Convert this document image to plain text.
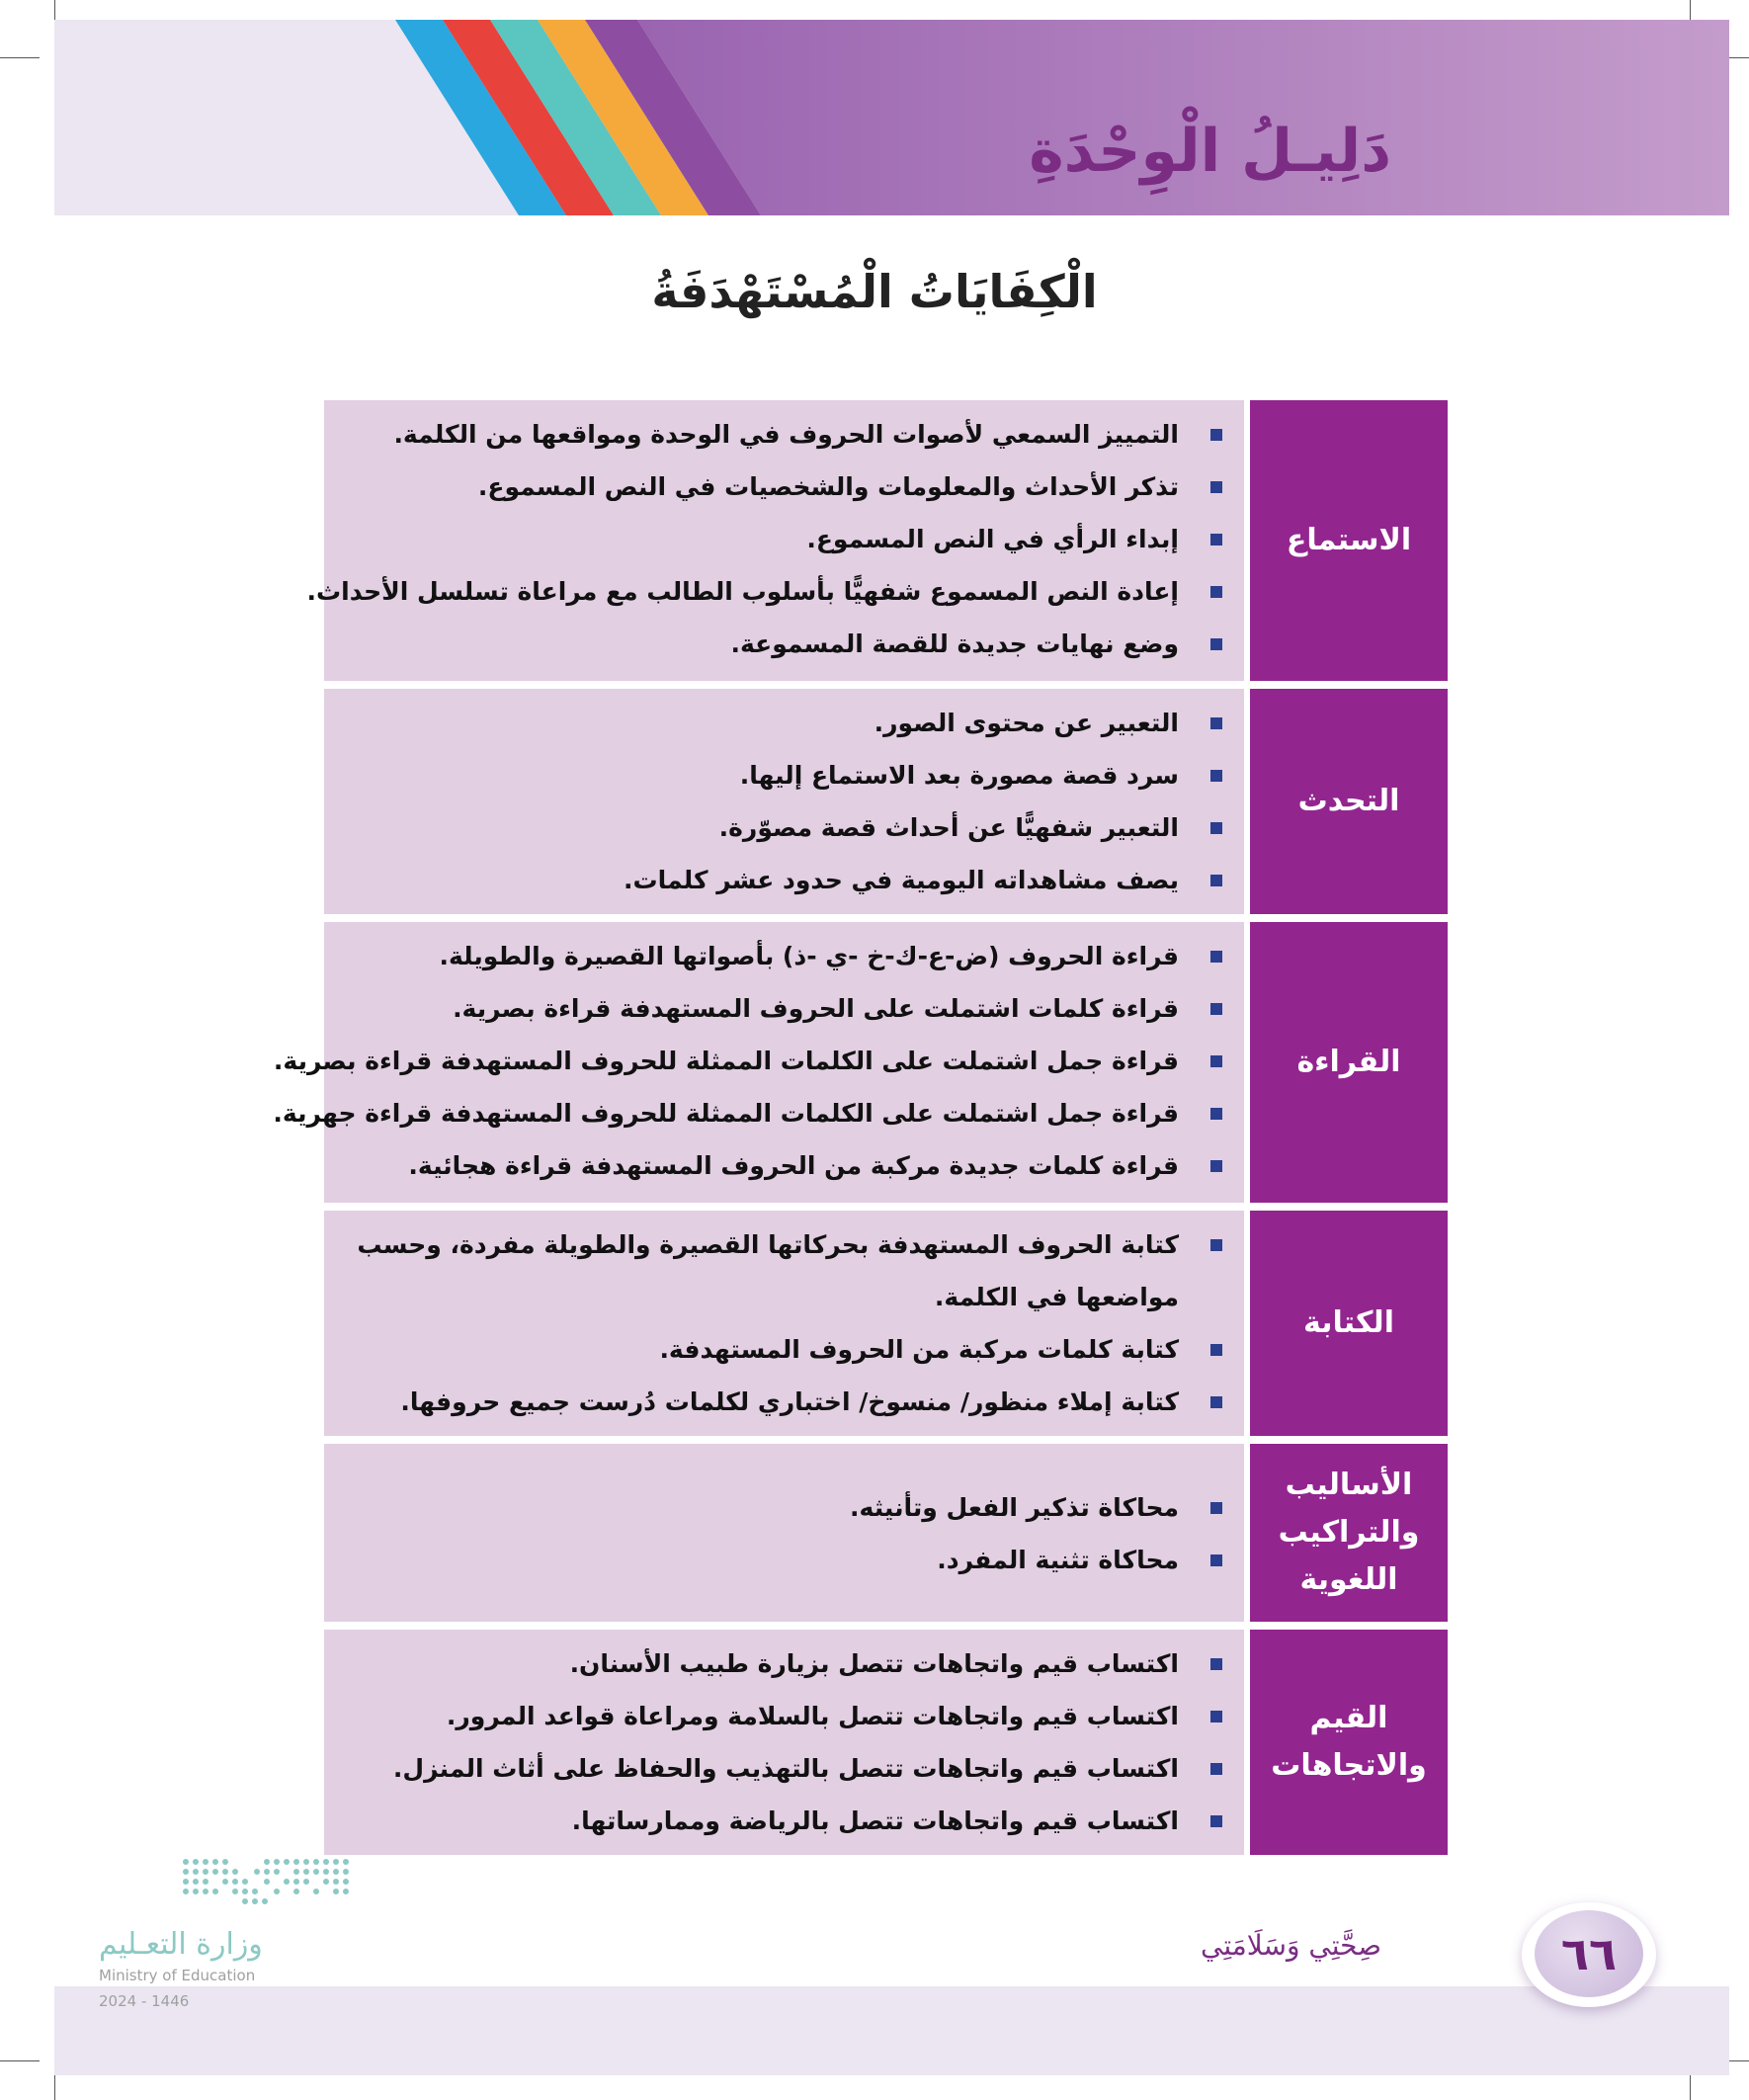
دَلِيـلُ الْوِحْدَةِ
الْكِفَايَاتُ الْمُسْتَهْدَفَةُ
التمييز السمعي لأصوات الحروف في الوحدة ومواقعها من الكلمة.
تذكر الأحداث والمعلومات والشخصيات في النص المسموع.
إبداء الرأي في النص المسموع.
إعادة النص المسموع شفهيًّا بأسلوب الطالب مع مراعاة تسلسل الأحداث.
وضع نهايات جديدة للقصة المسموعة.
الاستماع
التعبير عن محتوى الصور.
سرد قصة مصورة بعد الاستماع إليها.
التعبير شفهيًّا عن أحداث قصة مصوّرة.
يصف مشاهداته اليومية في حدود عشر كلمات.
التحدث
قراءة الحروف (ض-ع-ك-خ -ي -ذ) بأصواتها القصيرة والطويلة.
قراءة كلمات اشتملت على الحروف المستهدفة قراءة بصرية.
قراءة جمل اشتملت على الكلمات الممثلة للحروف المستهدفة قراءة بصرية.
قراءة جمل اشتملت على الكلمات الممثلة للحروف المستهدفة قراءة جهرية.
قراءة كلمات جديدة مركبة من الحروف المستهدفة قراءة هجائية.
القراءة
كتابة الحروف المستهدفة بحركاتها القصيرة والطويلة مفردة، وحسب مواضعها في الكلمة.
كتابة كلمات مركبة من الحروف المستهدفة.
كتابة إملاء منظور/ منسوخ/ اختباري لكلمات دُرست جميع حروفها.
الكتابة
محاكاة تذكير الفعل وتأنيثه.
محاكاة تثنية المفرد.
الأساليب
والتراكيب
اللغوية
اكتساب قيم واتجاهات تتصل بزيارة طبيب الأسنان.
اكتساب قيم واتجاهات تتصل بالسلامة ومراعاة قواعد المرور.
اكتساب قيم واتجاهات تتصل بالتهذيب والحفاظ على أثاث المنزل.
اكتساب قيم واتجاهات تتصل بالرياضة وممارساتها.
القيم
والاتجاهات
وزارة التعـليم
Ministry of Education
2024 - 1446
صِحَّتِي وَسَلَامَتِي	٦٦
